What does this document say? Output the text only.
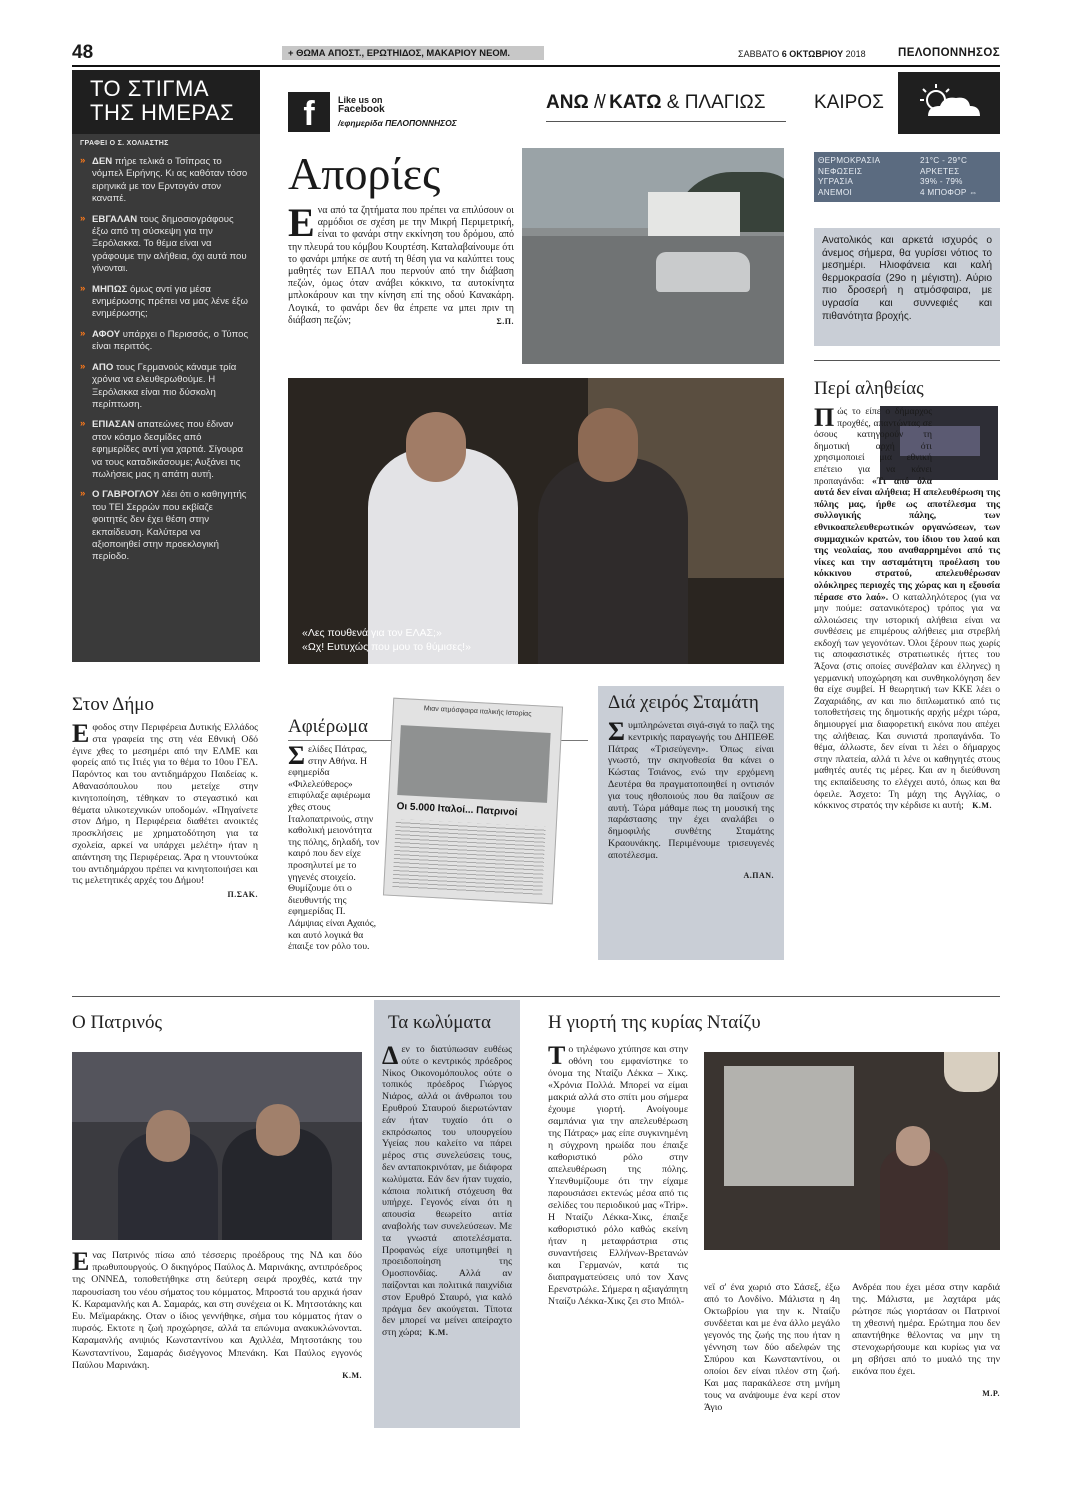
48	+ ΘΩΜΑ ΑΠΟΣΤ., ΕΡΩΤΗΙΔΟΣ, ΜΑΚΑΡΙΟΥ ΝΕΟΜ.	ΣΑΒΒΑΤΟ 6 ΟΚΤΩΒΡΙΟΥ 2018	ΠΕΛΟΠΟΝΝΗΣΟΣ
ΤΟ ΣΤΙΓΜΑ
ΤΗΣ ΗΜΕΡΑΣ
ΓΡΑΦΕΙ Ο Σ. ΧΟΛΙΑΣΤΗΣ

» ΔΕΝ πήρε τελικά ο Τσίπρας το νόμπελ Ειρήνης. Κι ας καθόταν τόσο ειρηνικά με τον Ερντογάν στον καναπέ.

» ΕΒΓΑΛΑΝ τους δημοσιογράφους έξω από τη σύσκεψη για την Ξερόλακκα. Το θέμα είναι να γράφουμε την αλήθεια, όχι αυτά που γίνονται.

» ΜΗΠΩΣ όμως αντί για μέσα ενημέρωσης πρέπει να μας λένε έξω ενημέρωσης;

» ΑΦΟΥ υπάρχει ο Περισσός, ο Τύπος είναι περιττός.

» ΑΠΟ τους Γερμανούς κάναμε τρία χρόνια να ελευθερωθούμε. Η Ξερόλακκα είναι πιο δύσκολη περίπτωση.

» ΕΠΙΑΣΑΝ απατεώνες που έδιναν στον κόσμο δεσμίδες από εφημερίδες αντί για χαρτιά. Σίγουρα να τους καταδικάσουμε; Αυξάνει τις πωλήσεις μας η απάτη αυτή.

» Ο ΓΑΒΡΟΓΛΟΥ λέει ότι ο καθηγητής του ΤΕΙ Σερρών που εκβίαζε φοιτητές δεν έχει θέση στην εκπαίδευση. Καλύτερα να αξιοποιηθεί στην προεκλογική περίοδο.

f	Like us on
Facebook
/εφημερίδα ΠΕΛΟΠΟΝΝΗΣΟΣ
ΑΝΩ /\/ ΚΑΤΩ & ΠΛΑΓΙΩΣ	ΚΑΙΡΟΣ
ΘΕΡΜΟΚΡΑΣΙΑ	21°C - 29°C
ΝΕΦΩΣΕΙΣ	ΑΡΚΕΤΕΣ
ΥΓΡΑΣΙΑ	39% - 79%
ΑΝΕΜΟΙ	4 ΜΠΟΦΟΡ ⇔
Ανατολικός και αρκετά ισχυρός ο άνεμος σήμερα, θα γυρίσει νότιος το μεσημέρι. Ηλιοφάνεια και καλή θερμοκρασία (29ο η μέγιστη). Αύριο πιο δροσερή η ατμόσφαιρα, με υγρασία και συννεφιές και πιθανότητα βροχής.
Απορίες
Ενα από τα ζητήματα που πρέπει να επιλύσουν οι αρμόδιοι σε σχέση με την Μικρή Περιμετρική, είναι το φανάρι στην εκκίνηση του δρόμου, από την πλευρά του κόμβου Κουρτέση. Καταλαβαίνουμε ότι το φανάρι μπήκε σε αυτή τη θέση για να καλύπτει τους μαθητές των ΕΠΑΛ που περνούν από την διάβαση πεζών, όμως όταν ανάβει κόκκινο, τα αυτοκίνητα μπλοκάρουν και την κίνηση επί της οδού Κανακάρη. Λογικά, το φανάρι δεν θα έπρεπε να μπει πριν τη διάβαση πεζών;	Σ.Π.
«Λες πουθενά για τον ΕΛΑΣ;»
«Ωχ! Ευτυχώς που μου το θύμισες!»
Περί αληθείας
Πώς το είπε ο δήμαρχος προχθές, απαντώντας σε όσους κατηγορούν τη δημοτική αρχή ότι χρησιμοποιεί μια εθνική επέτειο για να κάνει προπαγάνδα: «Τι από όλα αυτά δεν είναι αλήθεια; Η απελευθέρωση της πόλης μας, ήρθε ως αποτέλεσμα της συλλογικής πάλης, των εθνικοαπελευθερωτικών οργανώσεων, των συμμαχικών κρατών, του ίδιου του λαού και της νεολαίας, που αναθαρρημένοι από τις νίκες και την ασταμάτητη προέλαση του κόκκινου στρατού, απελευθέρωσαν ολόκληρες περιοχές της χώρας και η εξουσία πέρασε στο λαό». Ο καταλληλότερος (για να μην πούμε: σατανικότερος) τρόπος για να αλλοιώσεις την ιστορική αλήθεια είναι να συνθέσεις με επιμέρους αλήθειες μια στρεβλή εκδοχή των γεγονότων. Όλοι ξέρουν πως χωρίς τις αποφασιστικές στρατιωτικές ήττες του Άξονα (στις οποίες συνέβαλαν και έλληνες) η γερμανική υποχώρηση και συνθηκολόγηση δεν θα είχε συμβεί. Η θεωρητική των ΚΚΕ λέει ο Ζαχαριάδης, αν και πιο διπλωματικό από τις τοποθετήσεις της δημοτικής αρχής μέχρι τώρα, δημιουργεί μια διαφορετική εικόνα που απέχει της αλήθειας. Και συνιστά προπαγάνδα. Το θέμα, άλλωστε, δεν είναι τι λέει ο δήμαρχος στην πλατεία, αλλά τι λένε οι καθηγητές στους μαθητές αυτές τις μέρες. Και αν η διεύθυνση της εκπαίδευσης το ελέγχει αυτό, όπως και θα όφειλε. Άσχετο: Τη μάχη της Αγγλίας, ο κόκκινος στρατός την κέρδισε κι αυτή; Κ.Μ.
Στον Δήμο
Εφοδος στην Περιφέρεια Δυτικής Ελλάδος στα γραφεία της στη νέα Εθνική Οδό έγινε χθες το μεσημέρι από την ΕΛΜΕ και φορείς από τις Ιτιές για το θέμα το 10ου ΓΕΛ. Παρόντος και του αντιδημάρχου Παιδείας κ. Αθανασόπουλου που μετείχε στην κινητοποίηση, τέθηκαν το στεγαστικό και θέματα υλικοτεχνικών υποδομών. «Πηγαίνετε στον Δήμο, η Περιφέρεια διαθέτει ανοικτές προσκλήσεις με χρηματοδότηση για τα σχολεία, αρκεί να υπάρχει μελέτη» ήταν η απάντηση της Περιφέρειας. Άρα η ντουντούκα του αντιδημάρχου πρέπει να κινητοποιήσει και τις μελετητικές αρχές του Δήμου!
Π.ΣΑΚ.
Αφιέρωμα
Μιαν ατμόσφαιρα ιταλικής Ιστορίας
Οι 5.000 Ιταλοί... Πατρινοί
Σελίδες Πάτρας, στην Αθήνα. Η εφημερίδα «Φιλελεύθερος» επιφύλαξε αφιέρωμα χθες στους Ιταλοπατρινούς, στην καθολική μειονότητα της πόλης, δηλαδή, τον καιρό που δεν είχε προσηλυτεί με το γηγενές στοιχείο. Θυμίζουμε ότι ο διευθυντής της εφημερίδας Π. Λάμψιας είναι Αχαιός, και αυτό λογικά θα έπαιξε τον ρόλο του.
Διά χειρός Σταμάτη
Συμπληρώνεται σιγά-σιγά το παζλ της κεντρικής παραγωγής του ΔΗΠΕΘΕ Πάτρας «Τρισεύγενη». Όπως είναι γνωστό, την σκηνοθεσία θα κάνει ο Κώστας Τσιάνος, ενώ την ερχόμενη Δευτέρα θα πραγματοποιηθεί η οντισιόν για τους ηθοποιούς που θα παίξουν σε αυτή. Τώρα μάθαμε πως τη μουσική της παράστασης την έχει αναλάβει ο δημοφιλής συνθέτης Σταμάτης Κραουνάκης. Περιμένουμε τρισευγενές αποτέλεσμα.
Α.ΠΑΝ.
Ο Πατρινός
Ενας Πατρινός πίσω από τέσσερις προέδρους της ΝΔ και δύο πρωθυπουργούς. Ο δικηγόρος Παύλος Δ. Μαρινάκης, αντιπρόεδρος της ΟΝΝΕΔ, τοποθετήθηκε στη δεύτερη σειρά προχθές, κατά την παρουσίαση του νέου σήματος του κόμματος. Μπροστά του αρχικά ήσαν Κ. Καραμανλής και Α. Σαμαράς, και στη συνέχεια οι Κ. Μητσοτάκης και Ευ. Μεϊμαράκης. Οταν ο ίδιος γεννήθηκε, σήμα του κόμματος ήταν ο πυρσός. Εκτοτε η ζωή προχώρησε, αλλά τα επώνυμα ανακυκλώνονται. Καραμανλής ανιψιός Κωνσταντίνου και Αχιλλέα, Μητσοτάκης του Κωνσταντίνου, Σαμαράς δισέγγονος Μπενάκη. Και Παύλος εγγονός Παύλου Μαρινάκη.
Κ.Μ.
Τα κωλύματα
Δεν το διατύπωσαν ευθέως ούτε ο κεντρικός πρόεδρος Νίκος Οικονομόπουλος ούτε ο τοπικός πρόεδρος Γιώργος Νιάρος, αλλά οι άνθρωποι του Ερυθρού Σταυρού διερωτώνταν εάν ήταν τυχαίο ότι ο εκπρόσωπος του υπουργείου Υγείας που καλείτο να πάρει μέρος στις συνελεύσεις τους, δεν ανταποκρινόταν, με διάφορα κωλύματα. Εάν δεν ήταν τυχαίο, κάποια πολιτική στόχευση θα υπήρχε. Γεγονός είναι ότι η απουσία θεωρείτο αιτία αναβολής των συνελεύσεων. Με τα γνωστά αποτελέσματα. Προφανώς είχε υποτιμηθεί η προειδοποίηση της Ομοσπονδίας. Αλλά αν παίζονται και πολιτικά παιχνίδια στον Ερυθρό Σταυρό, για καλό πράγμα δεν ακούγεται. Τίποτα δεν μπορεί να μείνει απείραχτο στη χώρα; Κ.Μ.
Η γιορτή της κυρίας Νταίζυ
Το τηλέφωνο χτύπησε και στην οθόνη του εμφανίστηκε το όνομα της Νταίζυ Λέκκα – Χικς. «Χρόνια Πολλά. Μπορεί να είμαι μακριά αλλά στο σπίτι μου σήμερα έχουμε γιορτή. Ανοίγουμε σαμπάνια για την απελευθέρωση της Πάτρας» μας είπε συγκινημένη η σύγχρονη ηρωίδα που έπαιξε καθοριστικό ρόλο στην απελευθέρωση της πόλης. Υπενθυμίζουμε ότι την είχαμε παρουσιάσει εκτενώς μέσα από τις σελίδες του περιοδικού μας «Trip». Η Νταίζυ Λέκκα-Χικς, έπαιξε καθοριστικό ρόλο καθώς εκείνη ήταν η μεταφράστρια στις συναντήσεις Ελλήνων-Βρετανών και Γερμανών, κατά τις διαπραγματεύσεις υπό τον Χανς Ερενστρώλε. Σήμερα η αξιαγάπητη Νταίζυ Λέκκα-Χικς ζει στο Μπόλ-
νεϊ σ' ένα χωριό στο Σάσεξ, έξω από το Λονδίνο. Μάλιστα η 4η Οκτωβρίου για την κ. Νταίζυ συνδέεται και με ένα άλλο μεγάλο γεγονός της ζωής της που ήταν η γέννηση των δύο αδελφών της Σπύρου και Κωνσταντίνου, οι οποίοι δεν είναι πλέον στη ζωή. Και μας παρακάλεσε στη μνήμη τους να ανάψουμε ένα κερί στον Άγιο
Ανδρέα που έχει μέσα στην καρδιά της. Μάλιστα, με λαχτάρα μάς ρώτησε πώς γιορτάσαν οι Πατρινοί τη χθεσινή ημέρα. Ερώτημα που δεν απαντήθηκε θέλοντας να μην τη στενοχωρήσουμε και κυρίως για να μη σβήσει από το μυαλό της την εικόνα που έχει.
Μ.Ρ.
